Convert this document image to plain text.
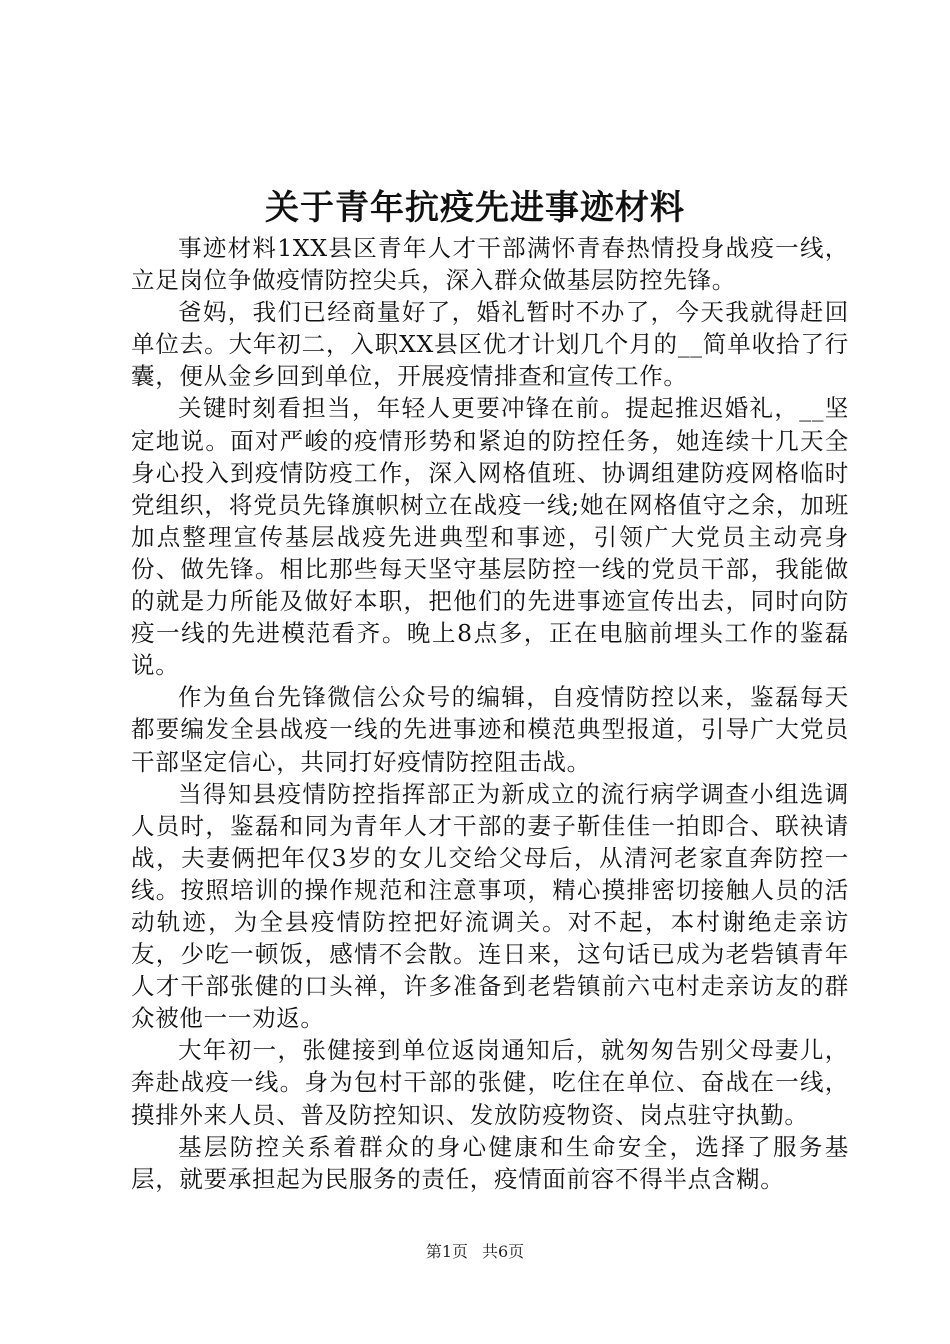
关于青年抗疫先进事迹材料

事迹材料1XX县区青年人才干部满怀青春热情投身战疫一线，立足岗位争做疫情防控尖兵，深入群众做基层防控先锋。

爸妈，我们已经商量好了，婚礼暂时不办了，今天我就得赶回单位去。大年初二，入职XX县区优才计划几个月的__简单收拾了行囊，便从金乡回到单位，开展疫情排查和宣传工作。

关键时刻看担当，年轻人更要冲锋在前。提起推迟婚礼，__坚定地说。面对严峻的疫情形势和紧迫的防控任务，她连续十几天全身心投入到疫情防疫工作，深入网格值班、协调组建防疫网格临时党组织，将党员先锋旗帜树立在战疫一线;她在网格值守之余，加班加点整理宣传基层战疫先进典型和事迹，引领广大党员主动亮身份、做先锋。相比那些每天坚守基层防控一线的党员干部，我能做的就是力所能及做好本职，把他们的先进事迹宣传出去，同时向防疫一线的先进模范看齐。晚上8点多，正在电脑前埋头工作的鉴磊说。

作为鱼台先锋微信公众号的编辑，自疫情防控以来，鉴磊每天都要编发全县战疫一线的先进事迹和模范典型报道，引导广大党员干部坚定信心，共同打好疫情防控阻击战。

当得知县疫情防控指挥部正为新成立的流行病学调查小组选调人员时，鉴磊和同为青年人才干部的妻子靳佳佳一拍即合、联袂请战，夫妻俩把年仅3岁的女儿交给父母后，从清河老家直奔防控一线。按照培训的操作规范和注意事项，精心摸排密切接触人员的活动轨迹，为全县疫情防控把好流调关。对不起，本村谢绝走亲访友，少吃一顿饭，感情不会散。连日来，这句话已成为老砦镇青年人才干部张健的口头禅，许多准备到老砦镇前六屯村走亲访友的群众被他一一劝返。

大年初一，张健接到单位返岗通知后，就匆匆告别父母妻儿，奔赴战疫一线。身为包村干部的张健，吃住在单位、奋战在一线，摸排外来人员、普及防控知识、发放防疫物资、岗点驻守执勤。

基层防控关系着群众的身心健康和生命安全，选择了服务基层，就要承担起为民服务的责任，疫情面前容不得半点含糊。

第1页 共6页
